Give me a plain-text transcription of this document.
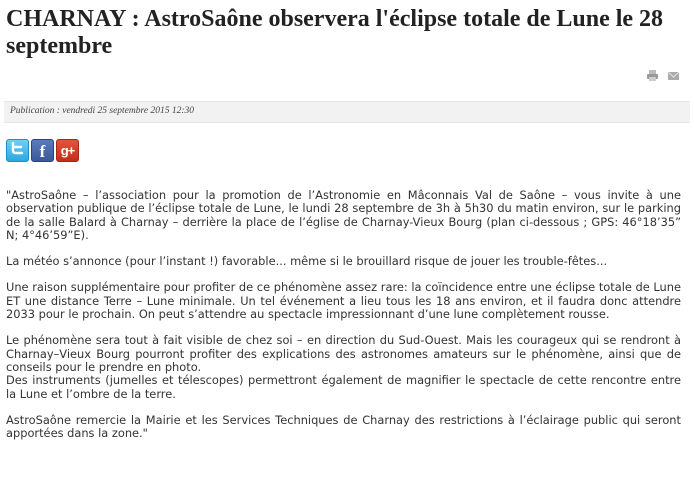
CHARNAY : AstroSaône observera l'éclipse totale de Lune le 28 septembre
Publication : vendredi 25 septembre 2015 12:30
f g+

"AstroSaône – l’association pour la promotion de l’Astronomie en Mâconnais Val de Saône – vous invite à une observation publique de l’éclipse totale de Lune, le lundi 28 septembre de 3h à 5h30 du matin environ, sur le parking de la salle Balard à Charnay – derrière la place de l’église de Charnay-Vieux Bourg (plan ci-dessous ; GPS: 46°18’35” N; 4°46’59”E).

La météo s’annonce (pour l’instant !) favorable... même si le brouillard risque de jouer les trouble-fêtes...

Une raison supplémentaire pour profiter de ce phénomène assez rare: la coïncidence entre une éclipse totale de Lune ET une distance Terre – Lune minimale. Un tel événement a lieu tous les 18 ans environ, et il faudra donc attendre 2033 pour le prochain. On peut s’attendre au spectacle impressionnant d’une lune complètement rousse.

Le phénomène sera tout à fait visible de chez soi – en direction du Sud-Ouest. Mais les courageux qui se rendront à Charnay–Vieux Bourg pourront profiter des explications des astronomes amateurs sur le phénomène, ainsi que de conseils pour le prendre en photo.
Des instruments (jumelles et télescopes) permettront également de magnifier le spectacle de cette rencontre entre la Lune et l’ombre de la terre.

AstroSaône remercie la Mairie et les Services Techniques de Charnay des restrictions à l’éclairage public qui seront apportées dans la zone."
